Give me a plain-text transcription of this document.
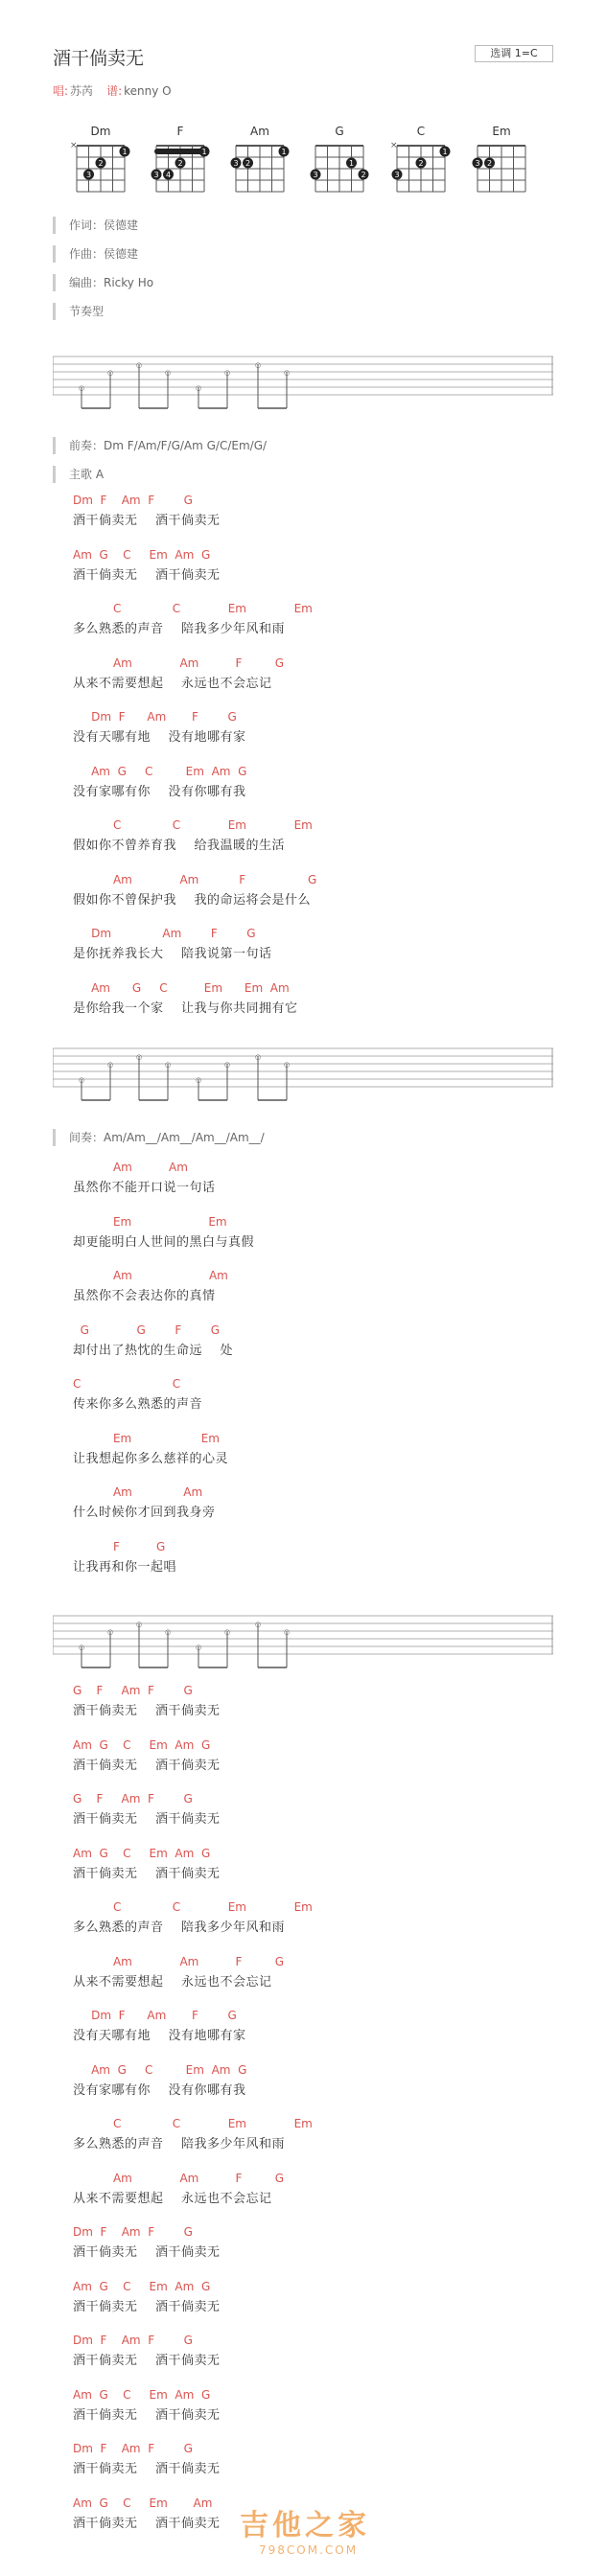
酒干倘卖无	选调 1=C
唱: 苏芮 谱: kenny O
Dm
×
1
2
3
F
1
2
3 4
Am
1
2
3
G
1
2
3
C
×
1
2
3
Em
2
3
作词：侯德建
作曲：侯德建
编曲：Ricky Ho
节奏型
○
○
○
○
○
○
○
○
前奏：Dm F/Am/F/G/Am G/C/Em/G/
主歌 A
Dm  F    Am  F        G
酒干倘卖无    酒干倘卖无
Am  G    C     Em  Am  G
酒干倘卖无    酒干倘卖无
C              C             Em             Em
多么熟悉的声音    陪我多少年风和雨
Am             Am          F         G
从来不需要想起    永远也不会忘记
Dm  F      Am       F        G
没有天哪有地    没有地哪有家
Am  G     C         Em  Am  G
没有家哪有你    没有你哪有我
C              C             Em             Em
假如你不曾养育我    给我温暖的生活
Am             Am           F                 G
假如你不曾保护我    我的命运将会是什么
Dm              Am        F        G
是你抚养我长大    陪我说第一句话
Am      G     C          Em      Em  Am
是你给我一个家    让我与你共同拥有它
○
○
○
○
○
○
○
○
间奏：Am/Am__/Am__/Am__/Am__/
Am          Am
虽然你不能开口说一句话
Em                     Em
却更能明白人世间的黑白与真假
Am                     Am
虽然你不会表达你的真情
G             G        F        G
却付出了热忱的生命远    处
C                         C
传来你多么熟悉的声音
Em                   Em
让我想起你多么慈祥的心灵
Am              Am
什么时候你才回到我身旁
F          G
让我再和你一起唱
○
○
○
○
○
○
○
○
G    F     Am  F        G
酒干倘卖无    酒干倘卖无
Am  G    C     Em  Am  G
酒干倘卖无    酒干倘卖无
G    F     Am  F        G
酒干倘卖无    酒干倘卖无
Am  G    C     Em  Am  G
酒干倘卖无    酒干倘卖无
C              C             Em             Em
多么熟悉的声音    陪我多少年风和雨
Am             Am          F         G
从来不需要想起    永远也不会忘记
Dm  F      Am       F        G
没有天哪有地    没有地哪有家
Am  G     C         Em  Am  G
没有家哪有你    没有你哪有我
C              C             Em             Em
多么熟悉的声音    陪我多少年风和雨
Am             Am          F         G
从来不需要想起    永远也不会忘记
Dm  F    Am  F        G
酒干倘卖无    酒干倘卖无
Am  G    C     Em  Am  G
酒干倘卖无    酒干倘卖无
Dm  F    Am  F        G
酒干倘卖无    酒干倘卖无
Am  G    C     Em  Am  G
酒干倘卖无    酒干倘卖无
Dm  F    Am  F        G
酒干倘卖无    酒干倘卖无
Am  G    C     Em       Am
酒干倘卖无    酒干倘卖无 吉他之家
798COM.COM
